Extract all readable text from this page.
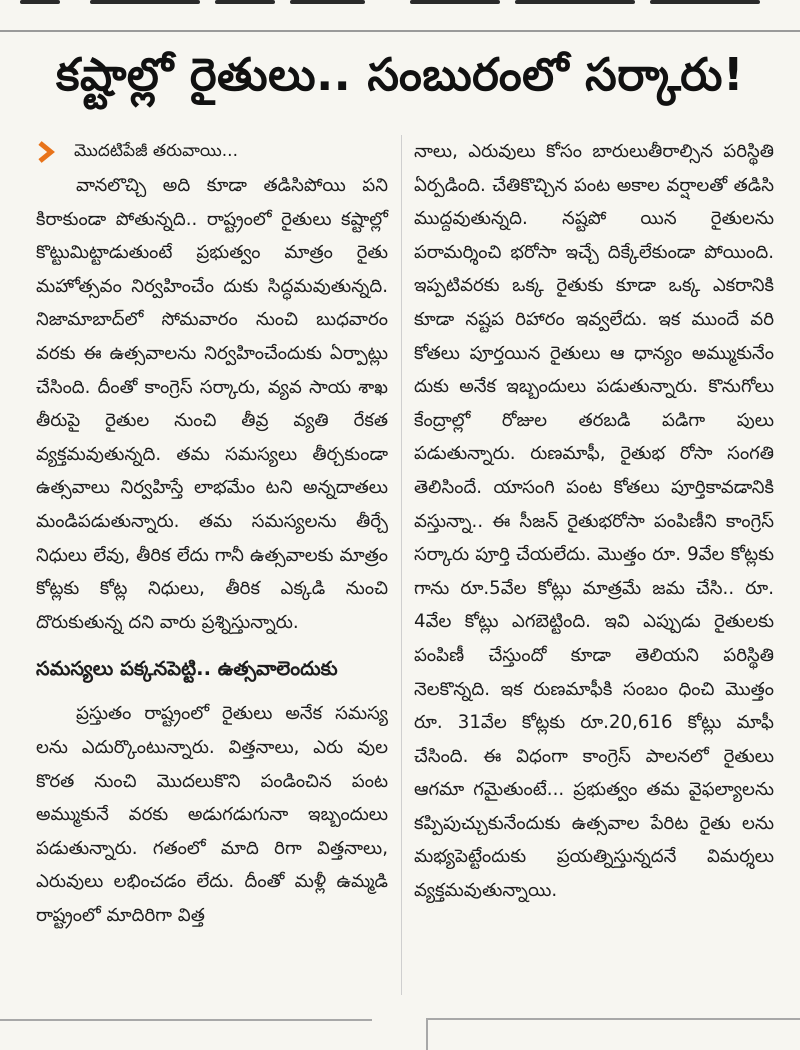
కష్టాల్లో రైతులు.. సంబురంలో సర్కారు!
మొదటిపేజీ తరువాయి...

వానలొచ్చి అది కూడా తడిసిపోయి పని కిరాకుండా పోతున్నది.. రాష్ట్రంలో రైతులు కష్టాల్లో కొట్టుమిట్టాడుతుంటే ప్రభుత్వం మాత్రం రైతు మహోత్సవం నిర్వహించేం దుకు సిద్ధమవుతున్నది. నిజామాబాద్‌లో సోమవారం నుంచి బుధవారం వరకు ఈ ఉత్సవాలను నిర్వహించేందుకు ఏర్పాట్లు చేసింది. దీంతో కాంగ్రెస్ సర్కారు, వ్యవ సాయ శాఖ తీరుపై రైతుల నుంచి తీవ్ర వ్యతి రేకత వ్యక్తమవుతున్నది. తమ సమస్యలు తీర్చకుండా ఉత్సవాలు నిర్వహిస్తే లాభమేం టని అన్నదాతలు మండిపడుతున్నారు. తమ సమస్యలను తీర్చే నిధులు లేవు, తీరిక లేదు గానీ ఉత్సవాలకు మాత్రం కోట్లకు కోట్ల నిధులు, తీరిక ఎక్కడి నుంచి దొరుకుతున్న దని వారు ప్రశ్నిస్తున్నారు.

సమస్యలు పక్కనపెట్టి.. ఉత్సవాలెందుకు

ప్రస్తుతం రాష్ట్రంలో రైతులు అనేక సమస్య లను ఎదుర్కొంటున్నారు. విత్తనాలు, ఎరు వుల కొరత నుంచి మొదలుకొని పండించిన పంట అమ్ముకునే వరకు అడుగడుగునా ఇబ్బందులు పడుతున్నారు. గతంలో మాది రిగా విత్తనాలు, ఎరువులు లభించడం లేదు. దీంతో మళ్లీ ఉమ్మడి రాష్ట్రంలో మాదిరిగా విత్త

నాలు, ఎరువులు కోసం బారులుతీరాల్సిన పరిస్థితి ఏర్పడింది. చేతికొచ్చిన పంట అకాల వర్షాలతో తడిసి ముద్దవుతున్నది. నష్టపో యిన రైతులను పరామర్శించి భరోసా ఇచ్చే దిక్కేలేకుండా పోయింది. ఇప్పటివరకు ఒక్క రైతుకు కూడా ఒక్క ఎకరానికి కూడా నష్టప రిహారం ఇవ్వలేదు. ఇక ముందే వరి కోతలు పూర్తయిన రైతులు ఆ ధాన్యం అమ్ముకునేం దుకు అనేక ఇబ్బందులు పడుతున్నారు. కొనుగోలు కేంద్రాల్లో రోజుల తరబడి పడిగా పులు పడుతున్నారు. రుణమాఫీ, రైతుభ రోసా సంగతి తెలిసిందే. యాసంగి పంట కోతలు పూర్తికావడానికి వస్తున్నా.. ఈ సీజన్ రైతుభరోసా పంపిణీని కాంగ్రెస్ సర్కారు పూర్తి చేయలేదు. మొత్తం రూ. 9వేల కోట్లకు గాను రూ.5వేల కోట్లు మాత్రమే జమ చేసి.. రూ. 4వేల కోట్లు ఎగబెట్టింది. ఇవి ఎప్పుడు రైతులకు పంపిణీ చేస్తుందో కూడా తెలియని పరిస్థితి నెలకొన్నది. ఇక రుణమాఫీకి సంబం ధించి మొత్తం రూ. 31వేల కోట్లకు రూ.20,616 కోట్లు మాఫీ చేసింది. ఈ విధంగా కాంగ్రెస్ పాలనలో రైతులు ఆగమా గమైతుంటే... ప్రభుత్వం తమ వైఫల్యాలను కప్పిపుచ్చుకునేందుకు ఉత్సవాల పేరిట రైతు లను మభ్యపెట్టేందుకు ప్రయత్నిస్తున్నదనే విమర్శలు వ్యక్తమవుతున్నాయి.
